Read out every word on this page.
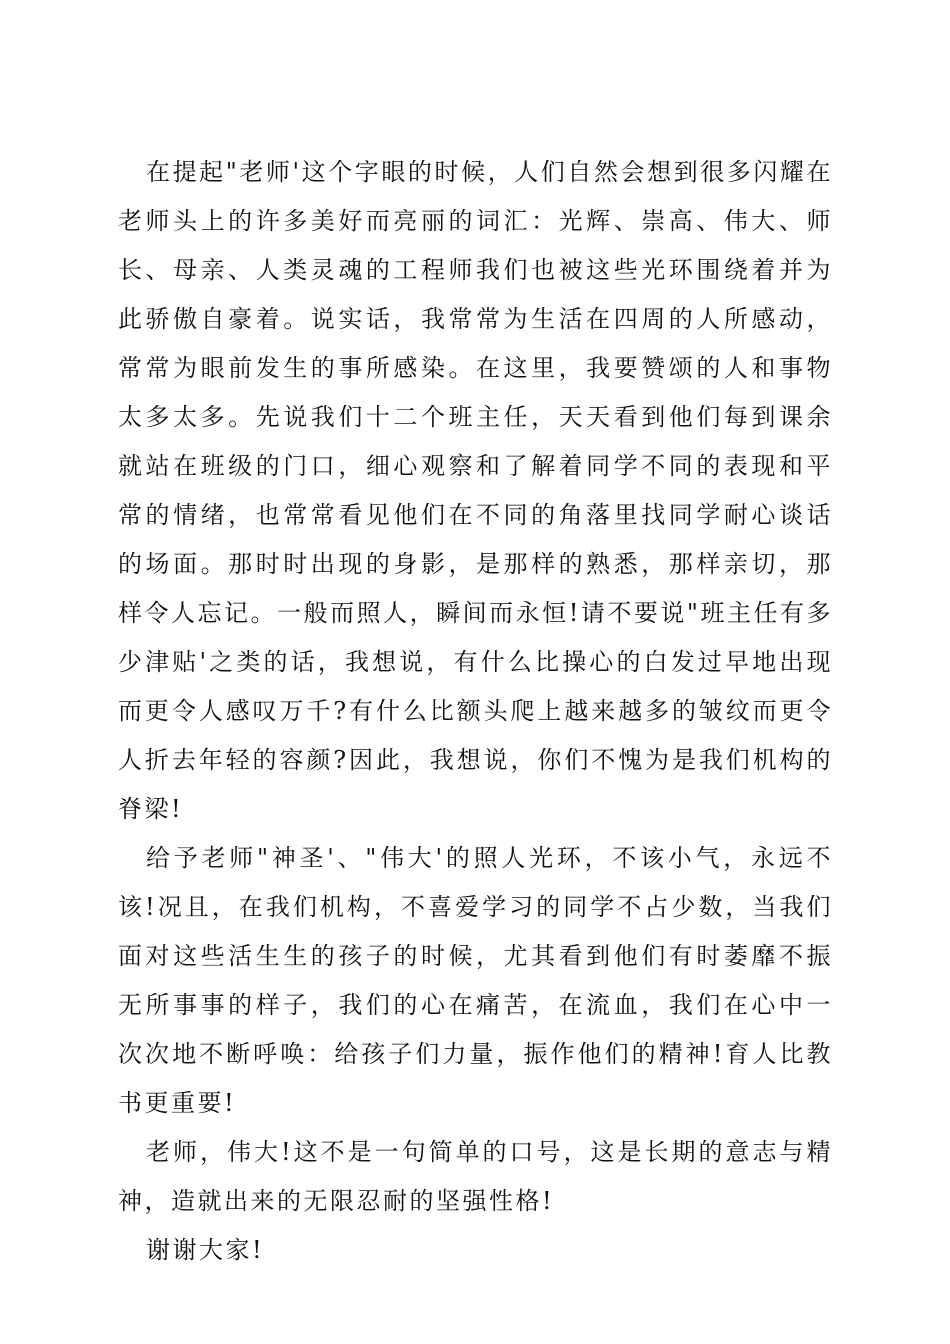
在提起"老师'这个字眼的时候，人们自然会想到很多闪耀在老师头上的许多美好而亮丽的词汇：光辉、崇高、伟大、师长、母亲、人类灵魂的工程师我们也被这些光环围绕着并为此骄傲自豪着。说实话，我常常为生活在四周的人所感动，常常为眼前发生的事所感染。在这里，我要赞颂的人和事物太多太多。先说我们十二个班主任，天天看到他们每到课余就站在班级的门口，细心观察和了解着同学不同的表现和平常的情绪，也常常看见他们在不同的角落里找同学耐心谈话的场面。那时时出现的身影，是那样的熟悉，那样亲切，那样令人忘记。一般而照人，瞬间而永恒!请不要说"班主任有多少津贴'之类的话，我想说，有什么比操心的白发过早地出现而更令人感叹万千?有什么比额头爬上越来越多的皱纹而更令人折去年轻的容颜?因此，我想说，你们不愧为是我们机构的脊梁!

给予老师"神圣'、"伟大'的照人光环，不该小气，永远不该!况且，在我们机构，不喜爱学习的同学不占少数，当我们面对这些活生生的孩子的时候，尤其看到他们有时萎靡不振无所事事的样子，我们的心在痛苦，在流血，我们在心中一次次地不断呼唤：给孩子们力量，振作他们的精神!育人比教书更重要!

老师，伟大!这不是一句简单的口号，这是长期的意志与精神，造就出来的无限忍耐的坚强性格!

谢谢大家!
